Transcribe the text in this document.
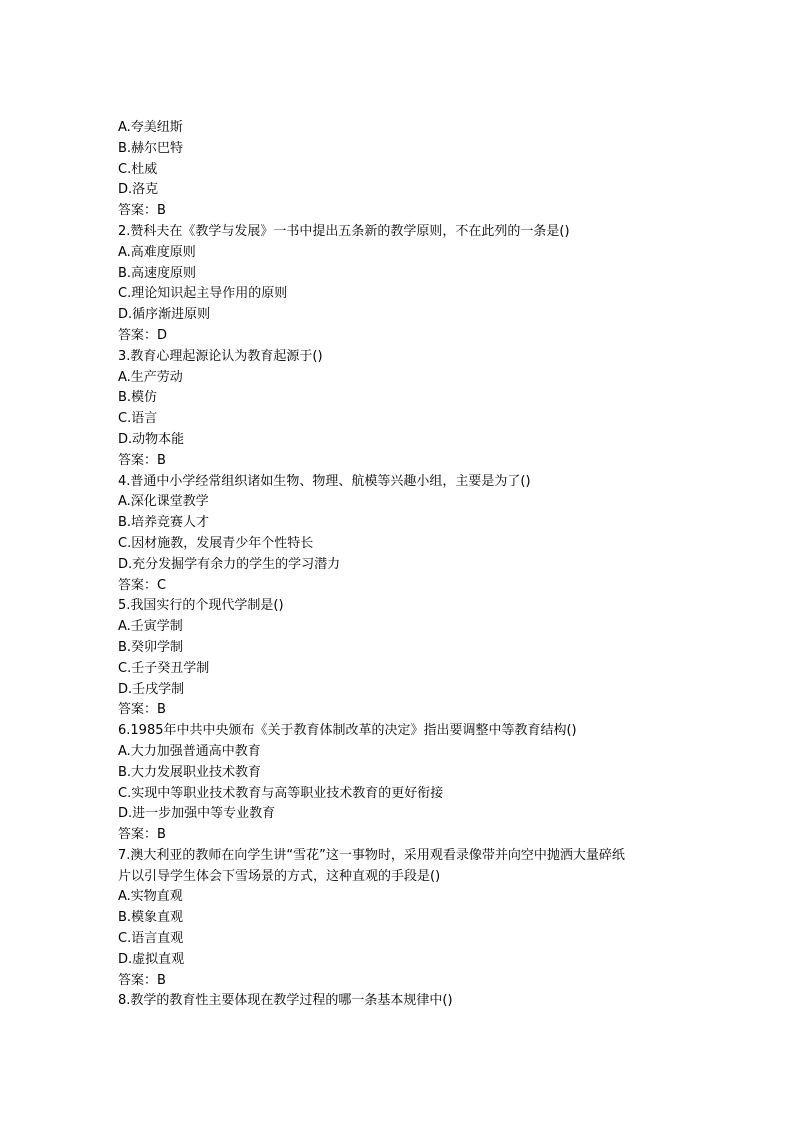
A.夸美纽斯
B.赫尔巴特
C.杜威
D.洛克
答案：B
2.赞科夫在《教学与发展》一书中提出五条新的教学原则，不在此列的一条是()
A.高难度原则
B.高速度原则
C.理论知识起主导作用的原则
D.循序渐进原则
答案：D
3.教育心理起源论认为教育起源于()
A.生产劳动
B.模仿
C.语言
D.动物本能
答案：B
4.普通中小学经常组织诸如生物、物理、航模等兴趣小组，主要是为了()
A.深化课堂教学
B.培养竞赛人才
C.因材施教，发展青少年个性特长
D.充分发掘学有余力的学生的学习潜力
答案：C
5.我国实行的个现代学制是()
A.壬寅学制
B.癸卯学制
C.壬子癸丑学制
D.壬戌学制
答案：B
6.1985年中共中央颁布《关于教育体制改革的决定》指出要调整中等教育结构()
A.大力加强普通高中教育
B.大力发展职业技术教育
C.实现中等职业技术教育与高等职业技术教育的更好衔接
D.进一步加强中等专业教育
答案：B
7.澳大利亚的教师在向学生讲“雪花”这一事物时，采用观看录像带并向空中抛洒大量碎纸
片以引导学生体会下雪场景的方式，这种直观的手段是()
A.实物直观
B.模象直观
C.语言直观
D.虚拟直观
答案：B
8.教学的教育性主要体现在教学过程的哪一条基本规律中()
